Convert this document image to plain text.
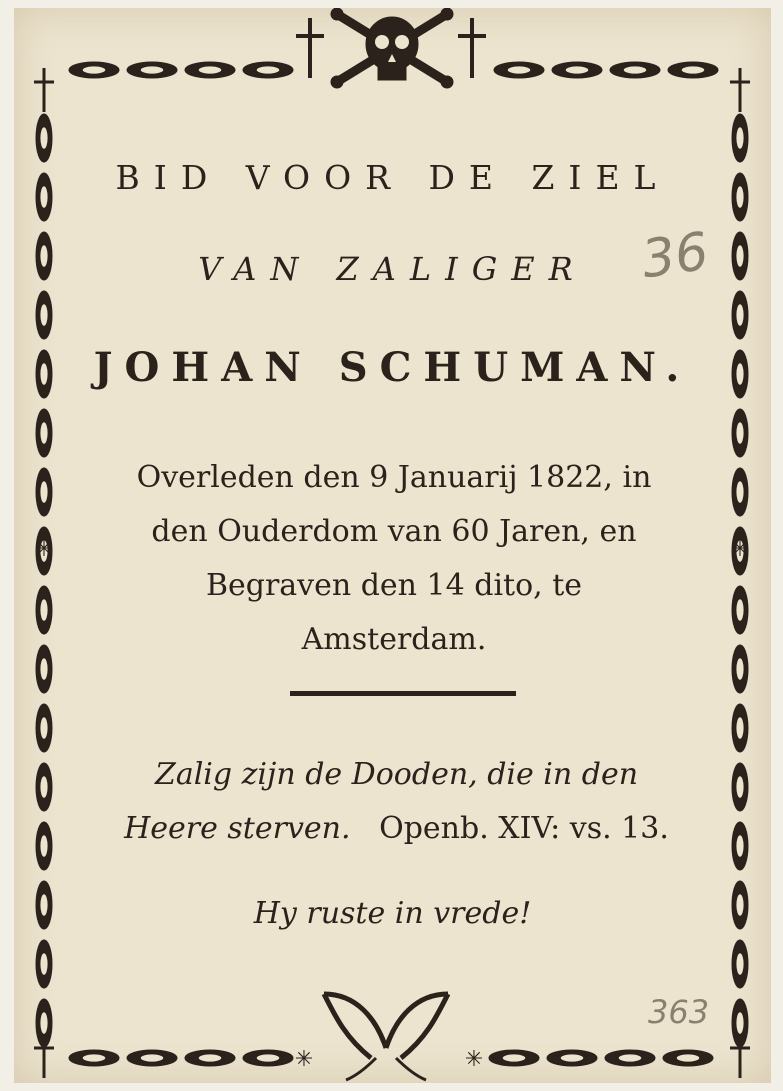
✳	✳
✳	✳
BID VOOR DE ZIEL
VAN ZALIGER
JOHAN SCHUMAN.
Overleden den 9 Januarij 1822, in
den Ouderdom van 60 Jaren, en
Begraven den 14 dito, te
Amsterdam.
Zalig zijn de Dooden, die in den
Heere sterven. Openb. XIV: vs. 13.
Hy ruste in vrede!
36
363
